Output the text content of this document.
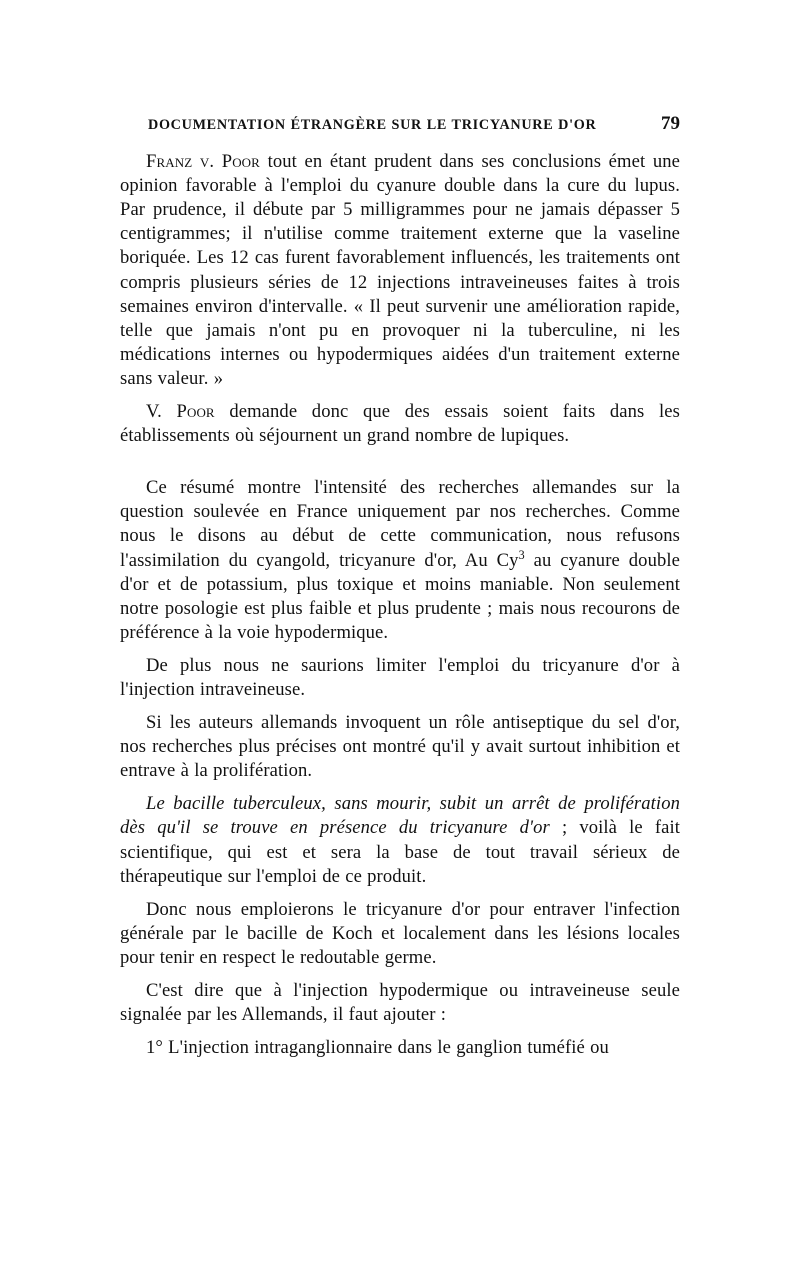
DOCUMENTATION ÉTRANGÈRE SUR LE TRICYANURE D'OR	79

Franz v. Poor tout en étant prudent dans ses conclusions émet une opinion favorable à l'emploi du cyanure double dans la cure du lupus. Par prudence, il débute par 5 milligrammes pour ne jamais dépasser 5 centigrammes; il n'utilise comme traitement externe que la vaseline boriquée. Les 12 cas furent favorablement influencés, les traitements ont compris plusieurs séries de 12 injections intraveineuses faites à trois semaines environ d'intervalle. « Il peut survenir une amélioration rapide, telle que jamais n'ont pu en provoquer ni la tuberculine, ni les médications internes ou hypodermiques aidées d'un traitement externe sans valeur. »

V. Poor demande donc que des essais soient faits dans les établissements où séjournent un grand nombre de lupiques.

Ce résumé montre l'intensité des recherches allemandes sur la question soulevée en France uniquement par nos recherches. Comme nous le disons au début de cette communication, nous refusons l'assimilation du cyangold, tricyanure d'or, Au Cy$^3$ au cyanure double d'or et de potassium, plus toxique et moins maniable. Non seulement notre posologie est plus faible et plus prudente ; mais nous recourons de préférence à la voie hypodermique.

De plus nous ne saurions limiter l'emploi du tricyanure d'or à l'injection intraveineuse.

Si les auteurs allemands invoquent un rôle antiseptique du sel d'or, nos recherches plus précises ont montré qu'il y avait surtout inhibition et entrave à la prolifération.

Le bacille tuberculeux, sans mourir, subit un arrêt de prolifération dès qu'il se trouve en présence du tricyanure d'or ; voilà le fait scientifique, qui est et sera la base de tout travail sérieux de thérapeutique sur l'emploi de ce produit.

Donc nous emploierons le tricyanure d'or pour entraver l'infection générale par le bacille de Koch et localement dans les lésions locales pour tenir en respect le redoutable germe.

C'est dire que à l'injection hypodermique ou intraveineuse seule signalée par les Allemands, il faut ajouter :

1° L'injection intraganglionnaire dans le ganglion tuméfié ou
